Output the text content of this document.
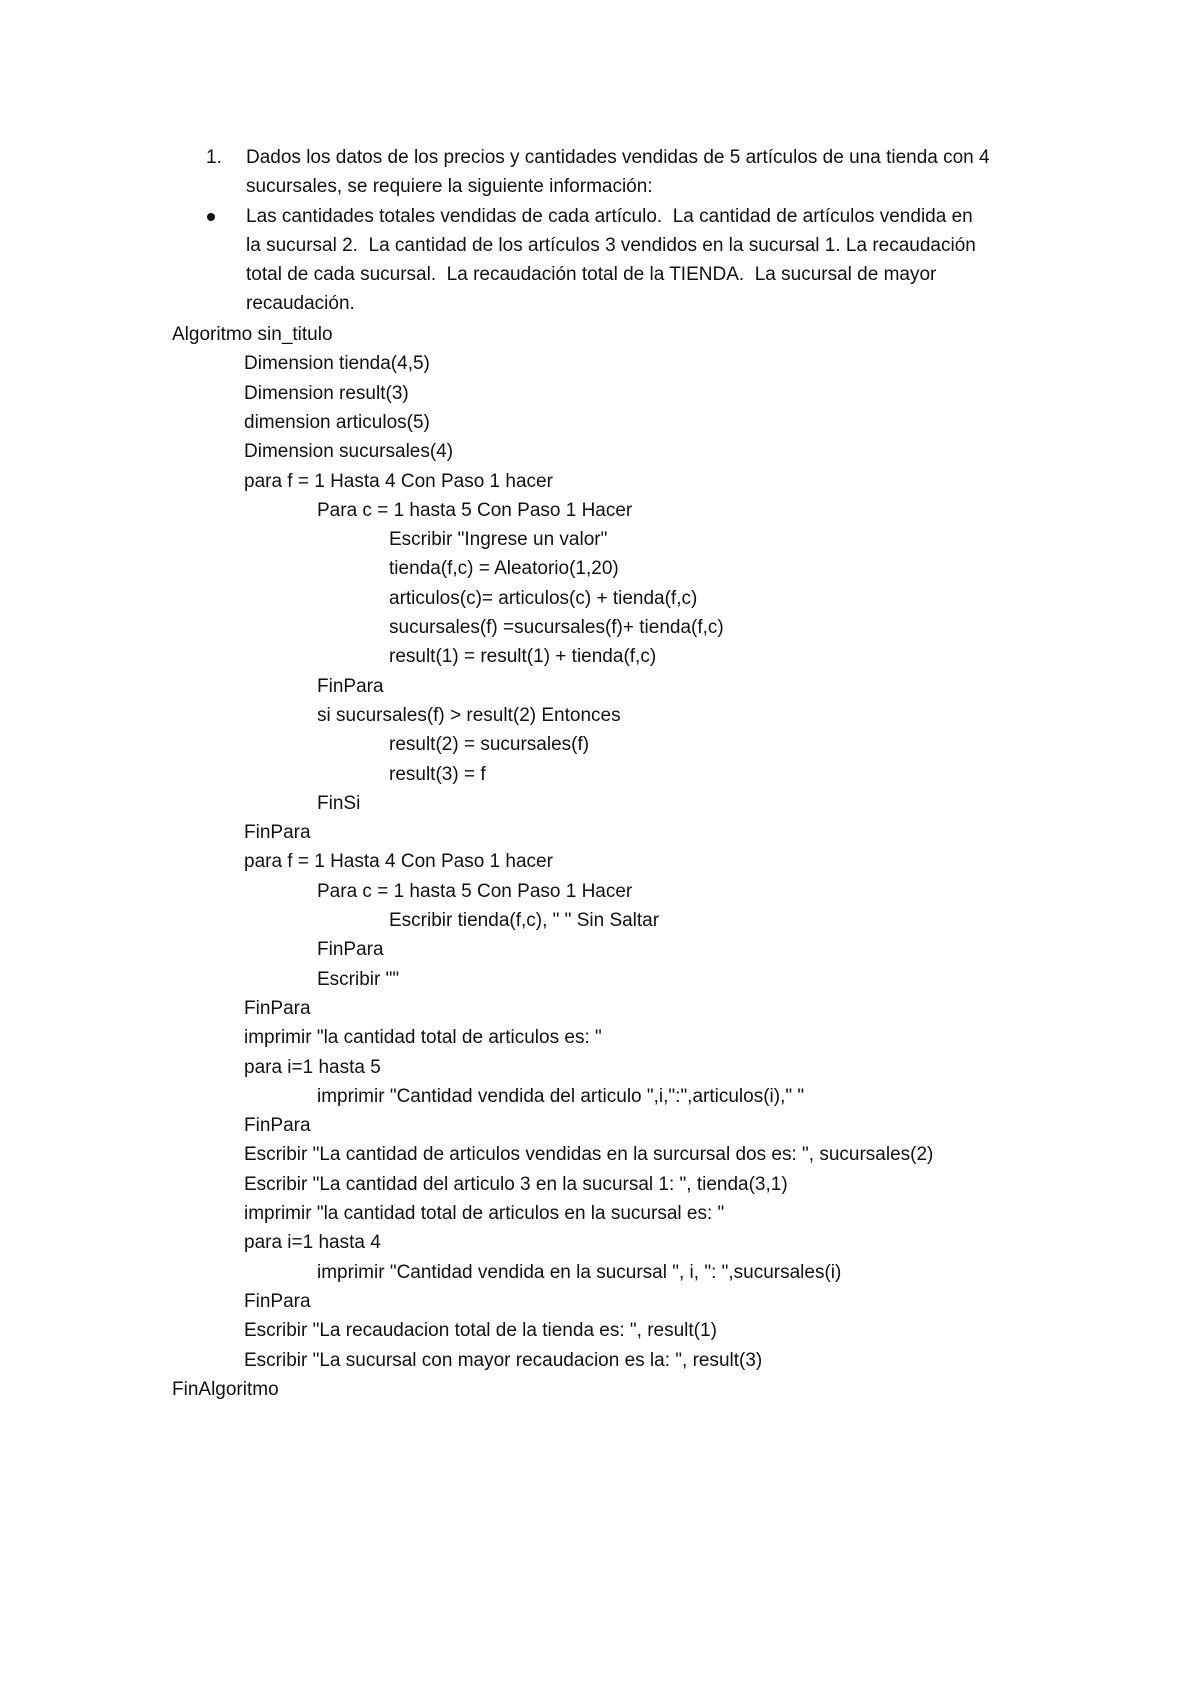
1. Dados los datos de los precios y cantidades vendidas de 5 artículos de una tienda con 4
sucursales, se requiere la siguiente información:
Las cantidades totales vendidas de cada artículo.  La cantidad de artículos vendida en
la sucursal 2.  La cantidad de los artículos 3 vendidos en la sucursal 1. La recaudación
total de cada sucursal.  La recaudación total de la TIENDA.  La sucursal de mayor
recaudación.
Algoritmo sin_titulo
Dimension tienda(4,5)
Dimension result(3)
dimension articulos(5)
Dimension sucursales(4)
para f = 1 Hasta 4 Con Paso 1 hacer
Para c = 1 hasta 5 Con Paso 1 Hacer
Escribir "Ingrese un valor"
tienda(f,c) = Aleatorio(1,20)
articulos(c)= articulos(c) + tienda(f,c)
sucursales(f) =sucursales(f)+ tienda(f,c)
result(1) = result(1) + tienda(f,c)
FinPara
si sucursales(f) > result(2) Entonces
result(2) = sucursales(f)
result(3) = f
FinSi
FinPara
para f = 1 Hasta 4 Con Paso 1 hacer
Para c = 1 hasta 5 Con Paso 1 Hacer
Escribir tienda(f,c), " " Sin Saltar
FinPara
Escribir ""
FinPara
imprimir "la cantidad total de articulos es: "
para i=1 hasta 5
imprimir "Cantidad vendida del articulo ",i,":",articulos(i)," "
FinPara
Escribir "La cantidad de articulos vendidas en la surcursal dos es: ", sucursales(2)
Escribir "La cantidad del articulo 3 en la sucursal 1: ", tienda(3,1)
imprimir "la cantidad total de articulos en la sucursal es: "
para i=1 hasta 4
imprimir "Cantidad vendida en la sucursal ", i, ": ",sucursales(i)
FinPara
Escribir "La recaudacion total de la tienda es: ", result(1)
Escribir "La sucursal con mayor recaudacion es la: ", result(3)
FinAlgoritmo
